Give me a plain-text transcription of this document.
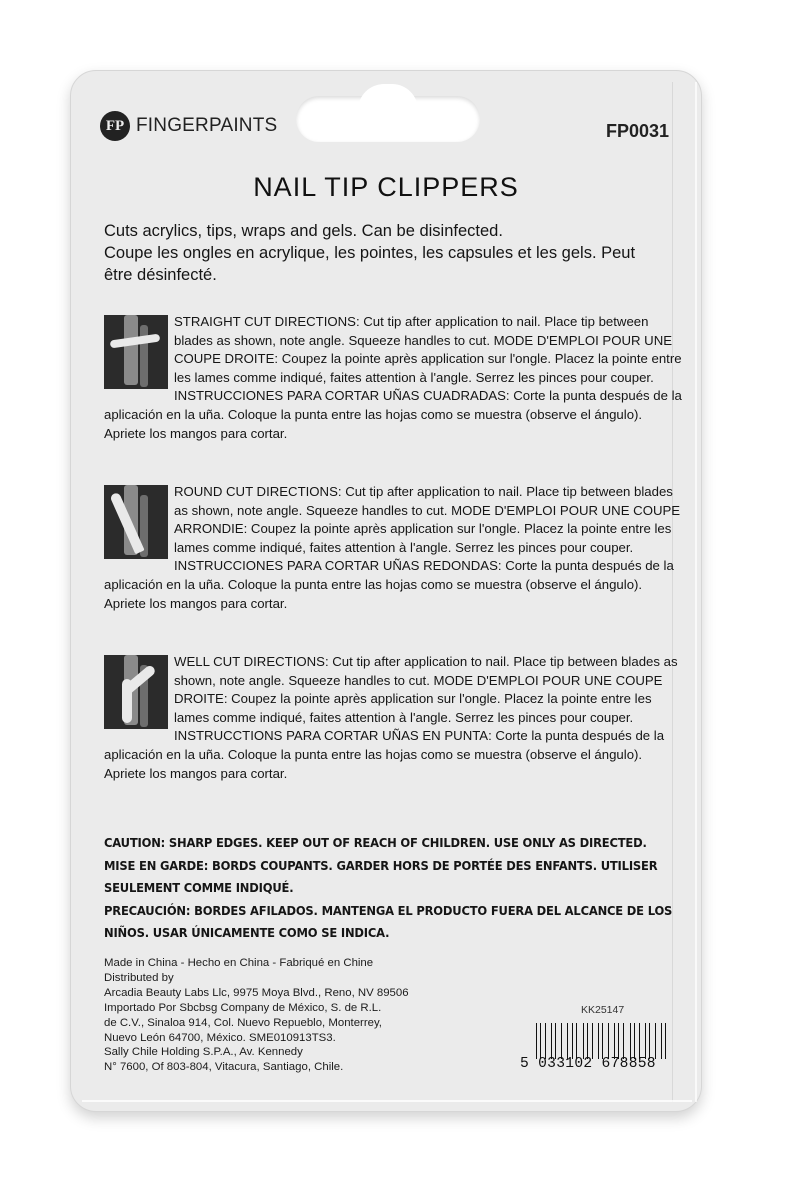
FP FINGERPAINTS	FP0031
NAIL TIP CLIPPERS
Cuts acrylics, tips, wraps and gels. Can be disinfected.
Coupe les ongles en acrylique, les pointes, les capsules et les gels. Peut
être désinfecté.

STRAIGHT CUT DIRECTIONS: Cut tip after application to nail. Place tip between blades as shown, note angle. Squeeze handles to cut. MODE D'EMPLOI POUR UNE COUPE DROITE: Coupez la pointe après application sur l'ongle. Placez la pointe entre les lames comme indiqué, faites attention à l'angle. Serrez les pinces pour couper. INSTRUCCIONES PARA CORTAR UÑAS CUADRADAS: Corte la punta después de la aplicación en la uña. Coloque la punta entre las hojas como se muestra (observe el ángulo). Apriete los mangos para cortar.

ROUND CUT DIRECTIONS: Cut tip after application to nail. Place tip between blades as shown, note angle. Squeeze handles to cut. MODE D'EMPLOI POUR UNE COUPE ARRONDIE: Coupez la pointe après application sur l'ongle. Placez la pointe entre les lames comme indiqué, faites attention à l'angle. Serrez les pinces pour couper. INSTRUCCIONES PARA CORTAR UÑAS REDONDAS: Corte la punta después de la aplicación en la uña. Coloque la punta entre las hojas como se muestra (observe el ángulo). Apriete los mangos para cortar.

WELL CUT DIRECTIONS: Cut tip after application to nail. Place tip between blades as shown, note angle. Squeeze handles to cut. MODE D'EMPLOI POUR UNE COUPE DROITE: Coupez la pointe après application sur l'ongle. Placez la pointe entre les lames comme indiqué, faites attention à l'angle. Serrez les pinces pour couper. INSTRUCCTIONS PARA CORTAR UÑAS EN PUNTA: Corte la punta después de la aplicación en la uña. Coloque la punta entre las hojas como se muestra (observe el ángulo). Apriete los mangos para cortar.

CAUTION: SHARP EDGES. KEEP OUT OF REACH OF CHILDREN. USE ONLY AS DIRECTED.
MISE EN GARDE: BORDS COUPANTS. GARDER HORS DE PORTÉE DES ENFANTS. UTILISER
SEULEMENT COMME INDIQUÉ.
PRECAUCIÓN: BORDES AFILADOS. MANTENGA EL PRODUCTO FUERA DEL ALCANCE DE LOS
NIÑOS. USAR ÚNICAMENTE COMO SE INDICA.
Made in China - Hecho en China - Fabriqué en Chine
Distributed by
Arcadia Beauty Labs Llc, 9975 Moya Blvd., Reno, NV 89506
Importado Por Sbcbsg Company de México, S. de R.L.
de C.V., Sinaloa 914, Col. Nuevo Repueblo, Monterrey,
Nuevo León 64700, México. SME010913TS3.
Sally Chile Holding S.P.A., Av. Kennedy
N° 7600, Of 803-804, Vitacura, Santiago, Chile.
KK25147
5 033102 678858
